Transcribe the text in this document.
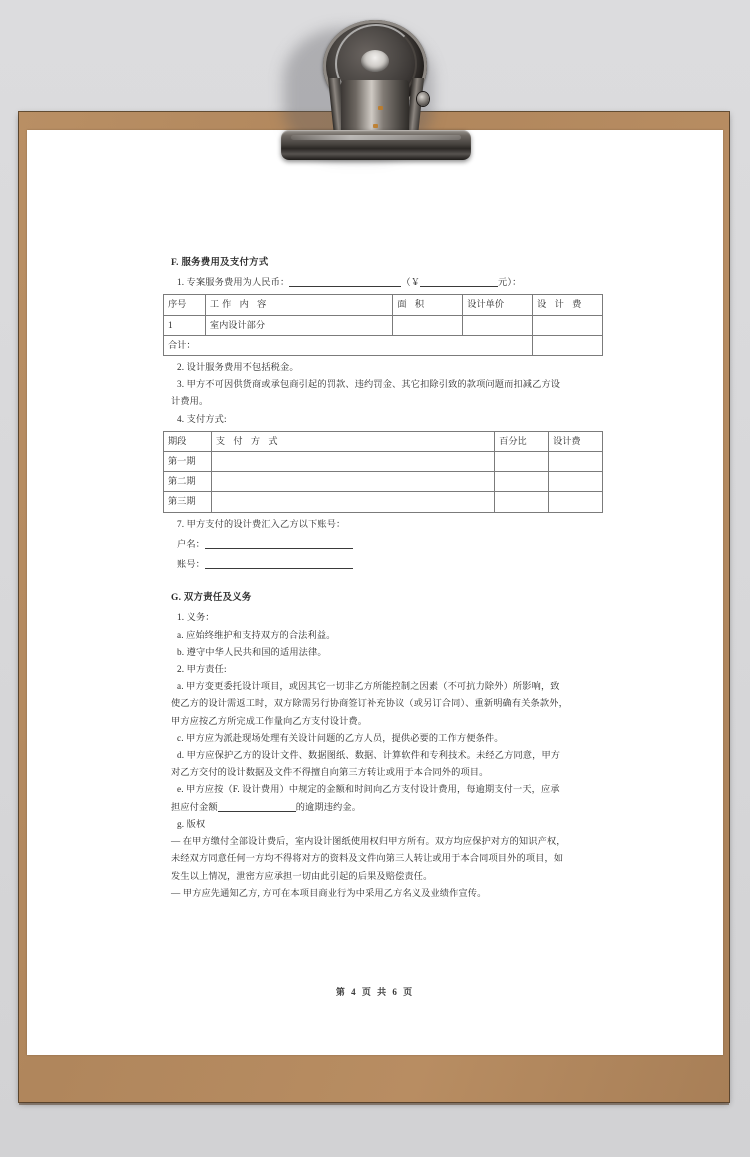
F. 服务费用及支付方式
1. 专案服务费用为人民币：	（￥	元）：
序号	工作 内 容	面 积	设计单价	设 计 费
1	室内设计部分			
合计：				
2. 设计服务费用不包括税金。
3. 甲方不可因供货商或承包商引起的罚款、违约罚金、其它扣除引致的款项问题而扣减乙方设
计费用。
4. 支付方式:
期段	支 付 方 式	百分比	设计费
第一期			
第二期			
第三期			
7. 甲方支付的设计费汇入乙方以下账号：
户名：
账号：
G. 双方责任及义务
1. 义务：
a. 应始终维护和支持双方的合法利益。
b. 遵守中华人民共和国的适用法律。
2. 甲方责任:
a. 甲方变更委托设计项目，或因其它一切非乙方所能控制之因素（不可抗力除外）所影响，致
使乙方的设计需返工时，双方除需另行协商签订补充协议（或另订合同）、重新明确有关条款外，
甲方应按乙方所完成工作量向乙方支付设计费。
c. 甲方应为派赴现场处理有关设计问题的乙方人员，提供必要的工作方便条件。
d. 甲方应保护乙方的设计文件、数据图纸、数据、计算软件和专利技术。未经乙方同意，甲方
对乙方交付的设计数据及文件不得擅自向第三方转让或用于本合同外的项目。
e. 甲方应按（F. 设计费用）中规定的金额和时间向乙方支付设计费用，每逾期支付一天，应承
担应付金额	的逾期违约金。
g. 版权
— 在甲方缴付全部设计费后，室内设计图纸使用权归甲方所有。双方均应保护对方的知识产权，
未经双方同意任何一方均不得将对方的资料及文件向第三人转让或用于本合同项目外的项目，如
发生以上情况，泄密方应承担一切由此引起的后果及赔偿责任。
— 甲方应先通知乙方, 方可在本项目商业行为中采用乙方名义及业绩作宣传。
第 4 页 共 6 页
